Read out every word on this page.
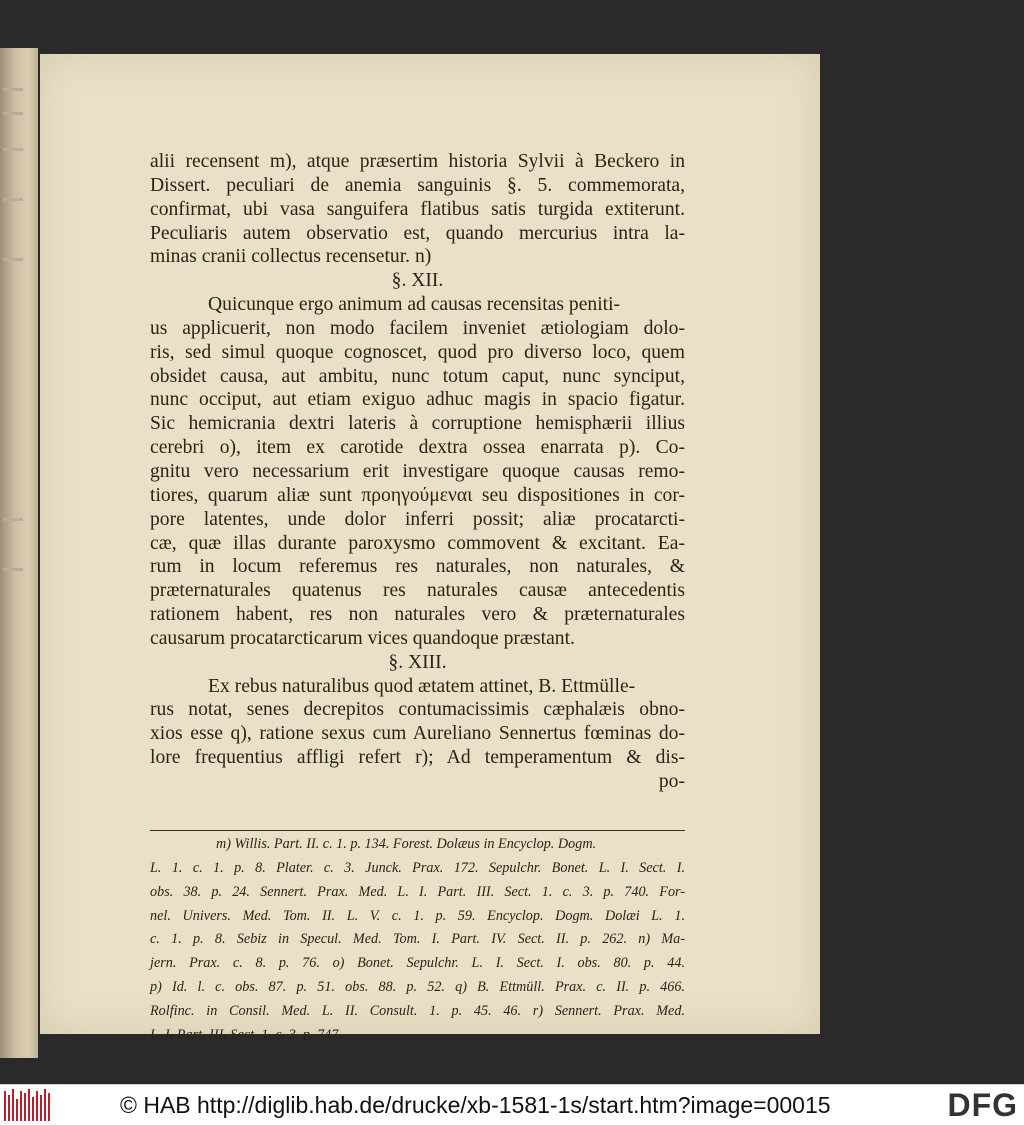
alii recensent m), atque præsertim historia Sylvii à Beckero in
Dissert. peculiari de anemia sanguinis §. 5. commemorata,
confirmat, ubi vasa sanguifera flatibus satis turgida extiterunt.
Peculiaris autem observatio est, quando mercurius intra la-
minas cranii collectus recensetur. n)
§. XII.
Quicunque ergo animum ad causas recensitas peniti-
us applicuerit, non modo facilem inveniet ætiologiam dolo-
ris, sed simul quoque cognoscet, quod pro diverso loco, quem
obsidet causa, aut ambitu, nunc totum caput, nunc synciput,
nunc occiput, aut etiam exiguo adhuc magis in spacio figatur.
Sic hemicrania dextri lateris à corruptione hemisphærii illius
cerebri o), item ex carotide dextra ossea enarrata p). Co-
gnitu vero necessarium erit investigare quoque causas remo-
tiores, quarum aliæ sunt προηγούμεναι seu dispositiones in cor-
pore latentes, unde dolor inferri possit; aliæ procatarcti-
cæ, quæ illas durante paroxysmo commovent & excitant. Ea-
rum in locum referemus res naturales, non naturales, &
præternaturales quatenus res naturales causæ antecedentis
rationem habent, res non naturales vero & præternaturales
causarum procatarcticarum vices quandoque præstant.
§. XIII.
Ex rebus naturalibus quod ætatem attinet, B. Ettmülle-
rus notat, senes decrepitos contumacissimis cæphalæis obno-
xios esse q), ratione sexus cum Aureliano Sennertus fœminas do-
lore frequentius affligi refert r); Ad temperamentum & dis-
po-
m) Willis. Part. II. c. 1. p. 134. Forest. Dolæus in Encyclop. Dogm.
L. 1. c. 1. p. 8. Plater. c. 3. Junck. Prax. 172. Sepulchr. Bonet. L. I. Sect. I.
obs. 38. p. 24. Sennert. Prax. Med. L. I. Part. III. Sect. 1. c. 3. p. 740. For-
nel. Univers. Med. Tom. II. L. V. c. 1. p. 59. Encyclop. Dogm. Dolæi L. 1.
c. 1. p. 8. Sebiz in Specul. Med. Tom. I. Part. IV. Sect. II. p. 262. n) Ma-
jern. Prax. c. 8. p. 76. o) Bonet. Sepulchr. L. I. Sect. I. obs. 80. p. 44.
p) Id. l. c. obs. 87. p. 51. obs. 88. p. 52. q) B. Ettmüll. Prax. c. II. p. 466.
Rolfinc. in Consil. Med. L. II. Consult. 1. p. 45. 46. r) Sennert. Prax. Med.
L. I. Part. III. Sect. 1. c. 3. p. 747.
© HAB http://diglib.hab.de/drucke/xb-1581-1s/start.htm?image=00015	DFG
